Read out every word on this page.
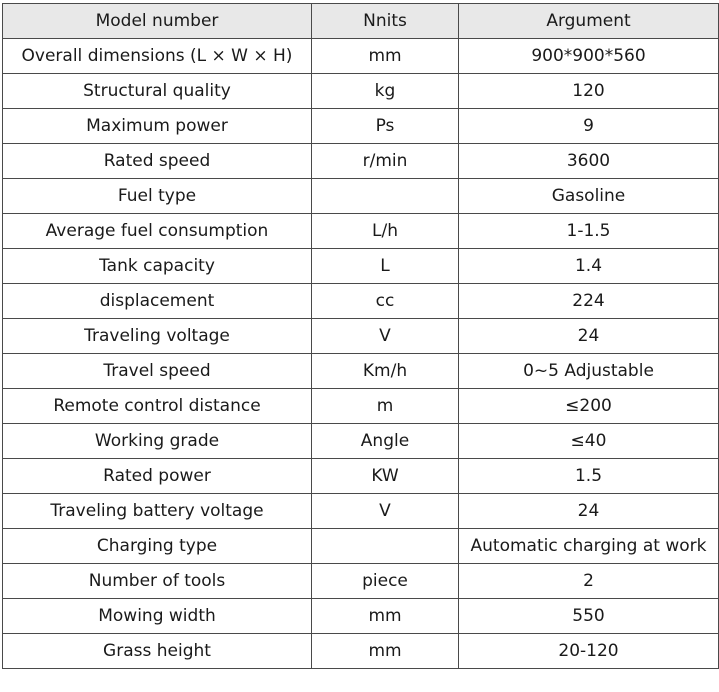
Model number	Nnits	Argument
Overall dimensions (L × W × H)	mm	900*900*560
Structural quality	kg	120
Maximum power	Ps	9
Rated speed	r/min	3600
Fuel type		Gasoline
Average fuel consumption	L/h	1-1.5
Tank capacity	L	1.4
displacement	cc	224
Traveling voltage	V	24
Travel speed	Km/h	0~5 Adjustable
Remote control distance	m	≤200
Working grade	Angle	≤40
Rated power	KW	1.5
Traveling battery voltage	V	24
Charging type		Automatic charging at work
Number of tools	piece	2
Mowing width	mm	550
Grass height	mm	20-120
